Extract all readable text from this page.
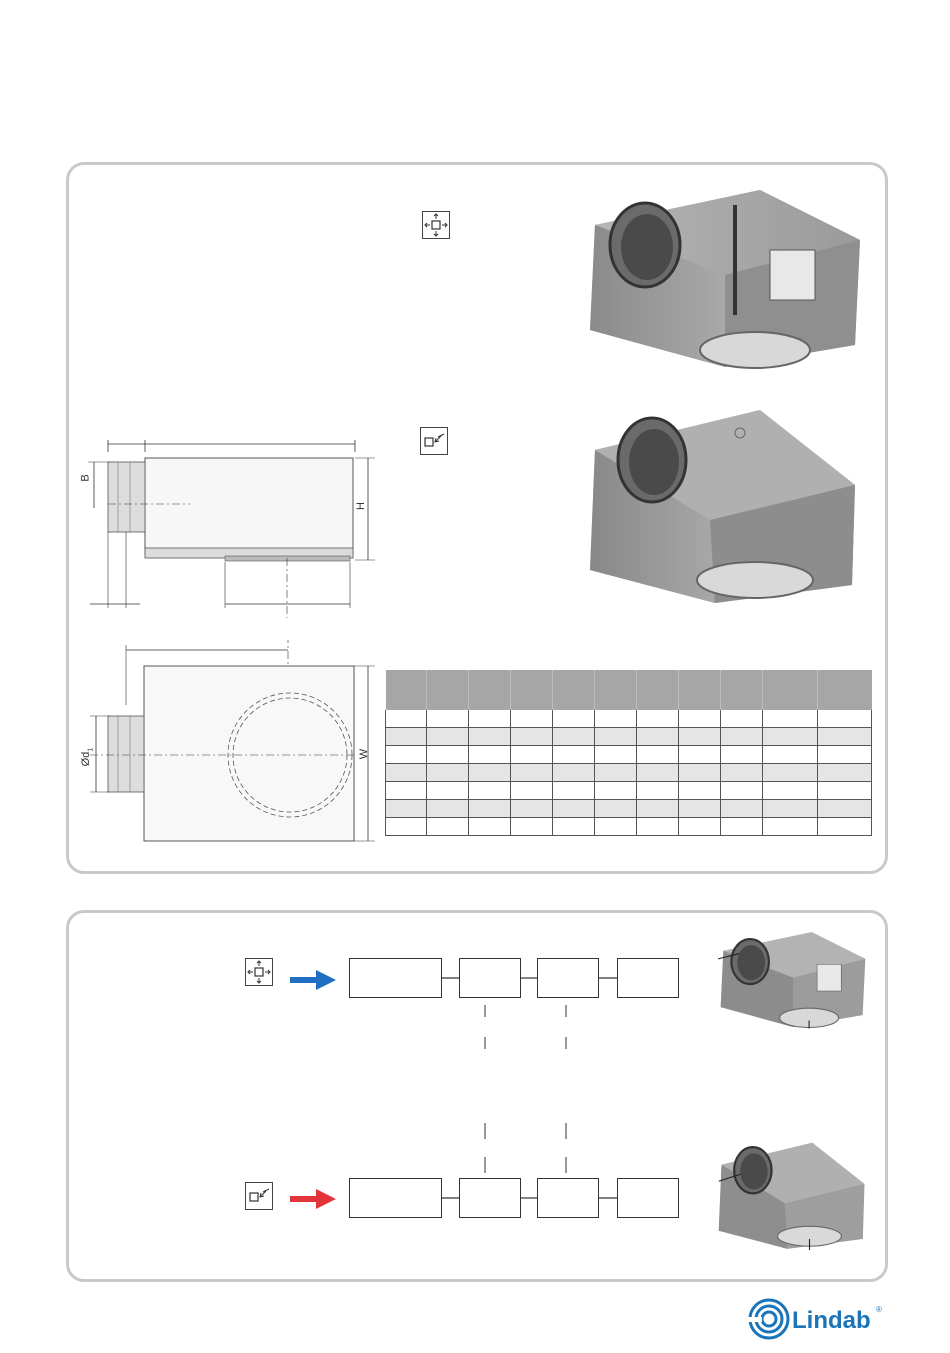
B
H
$Ød_1$	W

Lindab ®
